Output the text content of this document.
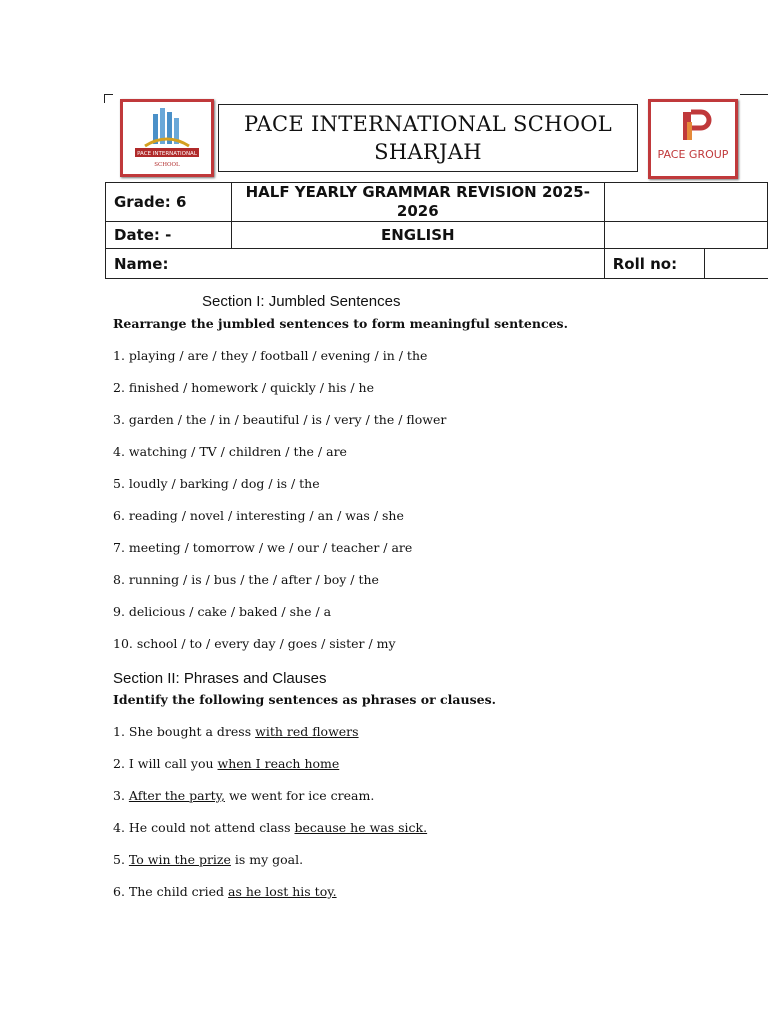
PACE INTERNATIONAL
SCHOOL
PACE INTERNATIONAL SCHOOL
SHARJAH	PACE GROUP
Grade: 6	HALF YEARLY GRAMMAR REVISION 2025-2026		
Date: -	ENGLISH		
Name:		Roll no:	
Section I: Jumbled Sentences
Rearrange the jumbled sentences to form meaningful sentences.
1. playing / are / they / football / evening / in / the
2. finished / homework / quickly / his / he
3. garden / the / in / beautiful / is / very / the / flower
4. watching / TV / children / the / are
5. loudly / barking / dog / is / the
6. reading / novel / interesting / an / was / she
7. meeting / tomorrow / we / our / teacher / are
8. running / is / bus / the / after / boy / the
9. delicious / cake / baked / she / a
10. school / to / every day / goes / sister / my
Section II: Phrases and Clauses
Identify the following sentences as phrases or clauses.
1. She bought a dress with red flowers
2. I will call you when I reach home
3. After the party, we went for ice cream.
4. He could not attend class because he was sick.
5. To win the prize is my goal.
6. The child cried as he lost his toy.
